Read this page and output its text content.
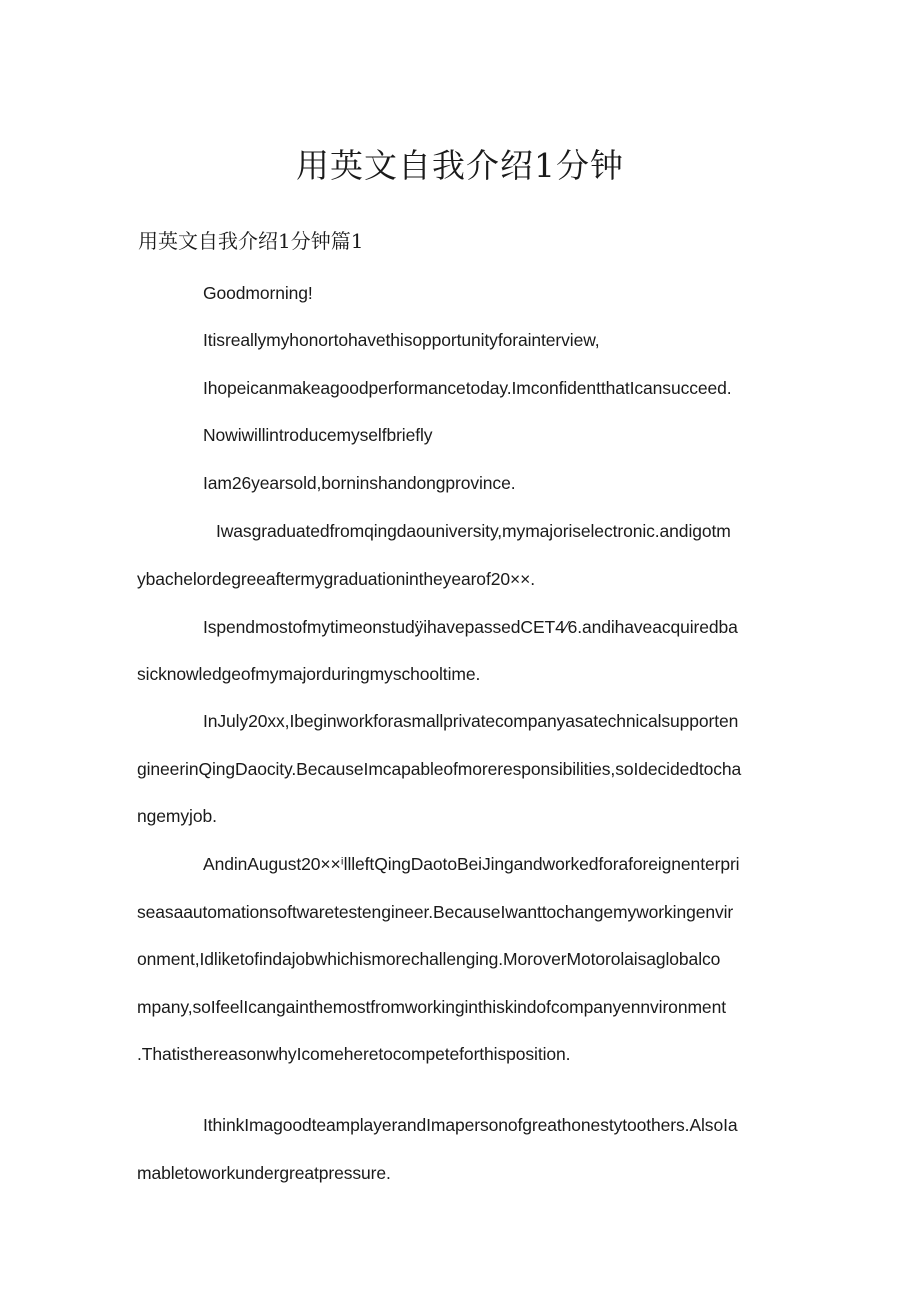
用英文自我介绍1分钟
用英文自我介绍1分钟篇1
Goodmorning!
Itisreallymyhonortohavethisopportunityforainterview,
Ihopeicanmakeagoodperformancetoday.ImconfidentthatIcansucceed.
Nowiwillintroducemyselfbriefly
Iam26yearsold,borninshandongprovince.
Iwasgraduatedfromqingdaouniversity,mymajoriselectronic.andigotm
ybachelordegreeaftermygraduationintheyearof20××.
IspendmostofmytimeonstudÿihavepassedCET4∕6.andihaveacquiredba
sicknowledgeofmymajorduringmyschooltime.
InJuly20xx,Ibeginworkforasmallprivatecompanyasatechnicalsupporten
gineerinQingDaocity.BecauseImcapableofmoreresponsibilities,soIdecidedtocha
ngemyjob.
AndinAugust20××ⁱllleftQingDaotoBeiJingandworkedforaforeignenterpri
seasaautomationsoftwaretestengineer.BecauseIwanttochangemyworkingenvir
onment,Idliketofindajobwhichismorechallenging.MoroverMotorolaisaglobalco
mpany,soIfeelIcangainthemostfromworkinginthiskindofcompanyennvironment
.ThatisthereasonwhyIcomeheretocompeteforthisposition.
IthinkImagoodteamplayerandImapersonofgreathonestytoothers.AlsoIa
mabletoworkundergreatpressure.
